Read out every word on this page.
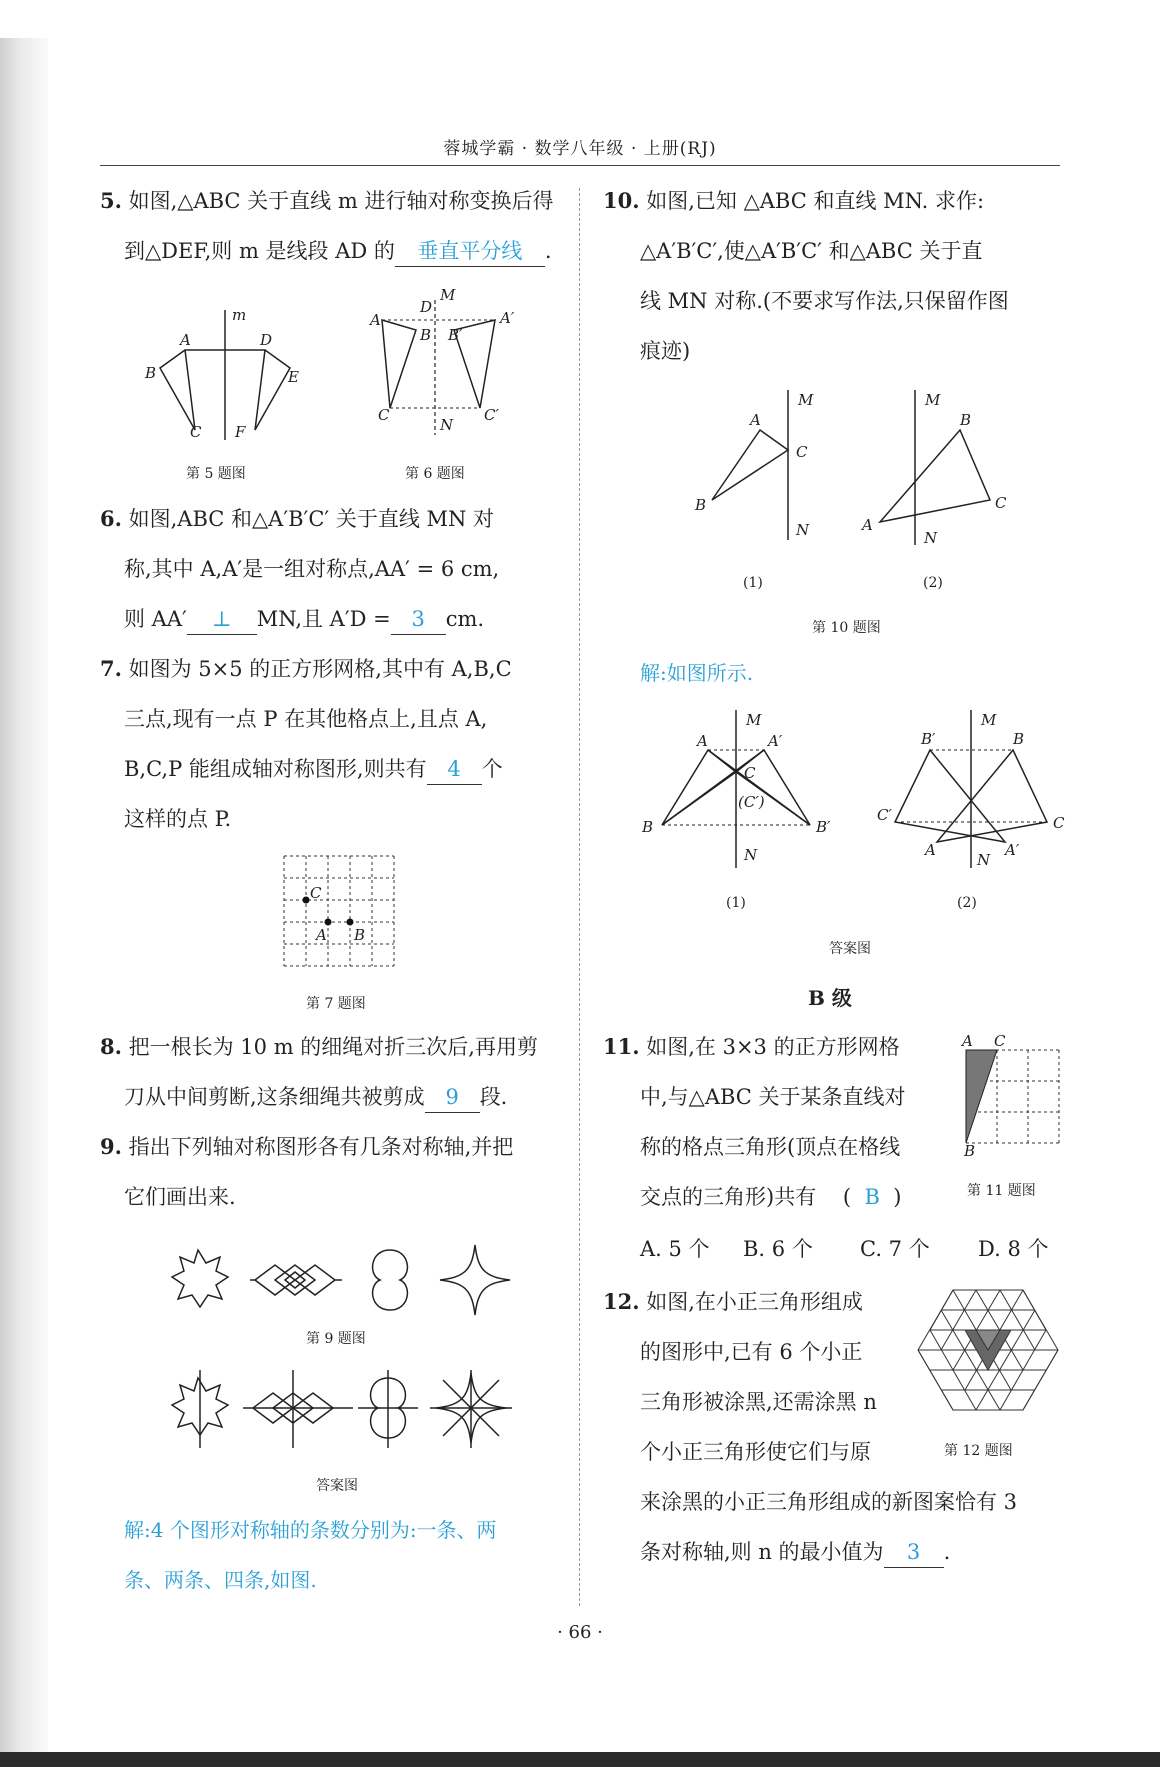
蓉城学霸 · 数学八年级 · 上册(RJ)
5. 如图,△ABC 关于直线 m 进行轴对称变换后得
到△DEF,则 m 是线段 AD 的 垂直平分线 .
m
A
B
C
D
E
F
第 5 题图
D
M
A
B B′
A′
C
N
C′
第 6 题图
6. 如图,ABC 和△A′B′C′ 关于直线 MN 对
称,其中 A,A′是一组对称点,AA′ = 6 cm,
则 AA′ ⊥ MN,且 A′D = 3 cm.
7. 如图为 5×5 的正方形网格,其中有 A,B,C
三点,现有一点 P 在其他格点上,且点 A,
B,C,P 能组成轴对称图形,则共有 4 个
这样的点 P.
C
A B
第 7 题图
8. 把一根长为 10 m 的细绳对折三次后,再用剪
刀从中间剪断,这条细绳共被剪成 9 段.
9. 指出下列轴对称图形各有几条对称轴,并把
它们画出来.
第 9 题图
答案图
解:4 个图形对称轴的条数分别为:一条、两
条、两条、四条,如图.
10. 如图,已知 △ABC 和直线 MN. 求作:
△A′B′C′,使△A′B′C′ 和△ABC 关于直
线 MN 对称.(不要求写作法,只保留作图
痕迹)
M
A
C
B
N
M
B
C
A
N
(1)	(2)
第 10 题图
解:如图所示.
M
A	A′
C
(C′)
B	B′
N
M
B′	B
C′	C
A	A′
N
(1)	(2)
答案图
B 级
11. 如图,在 3×3 的正方形网格
中,与△ABC 关于某条直线对
称的格点三角形(顶点在格线
交点的三角形)共有 ( B )
A C
B
第 11 题图
A. 5 个 B. 6 个 C. 7 个 D. 8 个
12. 如图,在小正三角形组成
的图形中,已有 6 个小正
三角形被涂黑,还需涂黑 n
个小正三角形使它们与原
来涂黑的小正三角形组成的新图案恰有 3
条对称轴,则 n 的最小值为 3 .
第 12 题图
· 66 ·
